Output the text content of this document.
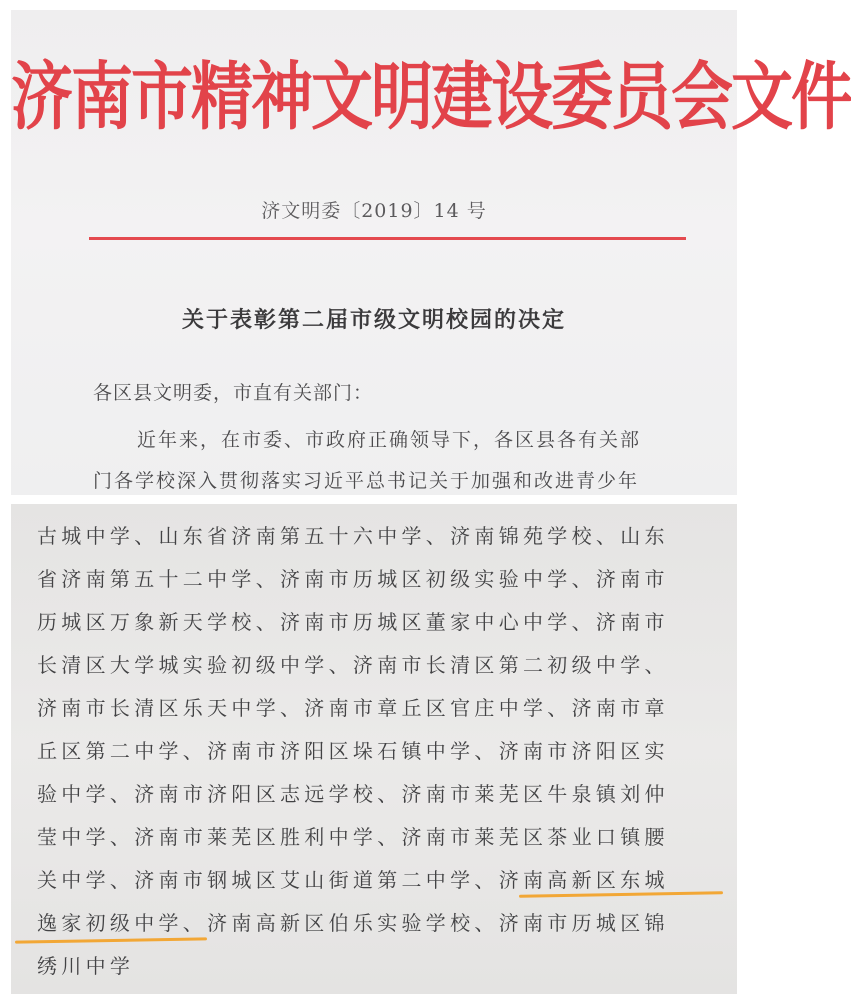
济南市精神文明建设委员会文件
济文明委〔2019〕14 号
关于表彰第二届市级文明校园的决定
各区县文明委，市直有关部门：
近年来，在市委、市政府正确领导下，各区县各有关部
门各学校深入贯彻落实习近平总书记关于加强和改进青少年
古城中学、山东省济南第五十六中学、济南锦苑学校、山东
省济南第五十二中学、济南市历城区初级实验中学、济南市
历城区万象新天学校、济南市历城区董家中心中学、济南市
长清区大学城实验初级中学、济南市长清区第二初级中学、
济南市长清区乐天中学、济南市章丘区官庄中学、济南市章
丘区第二中学、济南市济阳区垛石镇中学、济南市济阳区实
验中学、济南市济阳区志远学校、济南市莱芜区牛泉镇刘仲
莹中学、济南市莱芜区胜利中学、济南市莱芜区茶业口镇腰
关中学、济南市钢城区艾山街道第二中学、济南高新区东城
逸家初级中学、济南高新区伯乐实验学校、济南市历城区锦
绣川中学
